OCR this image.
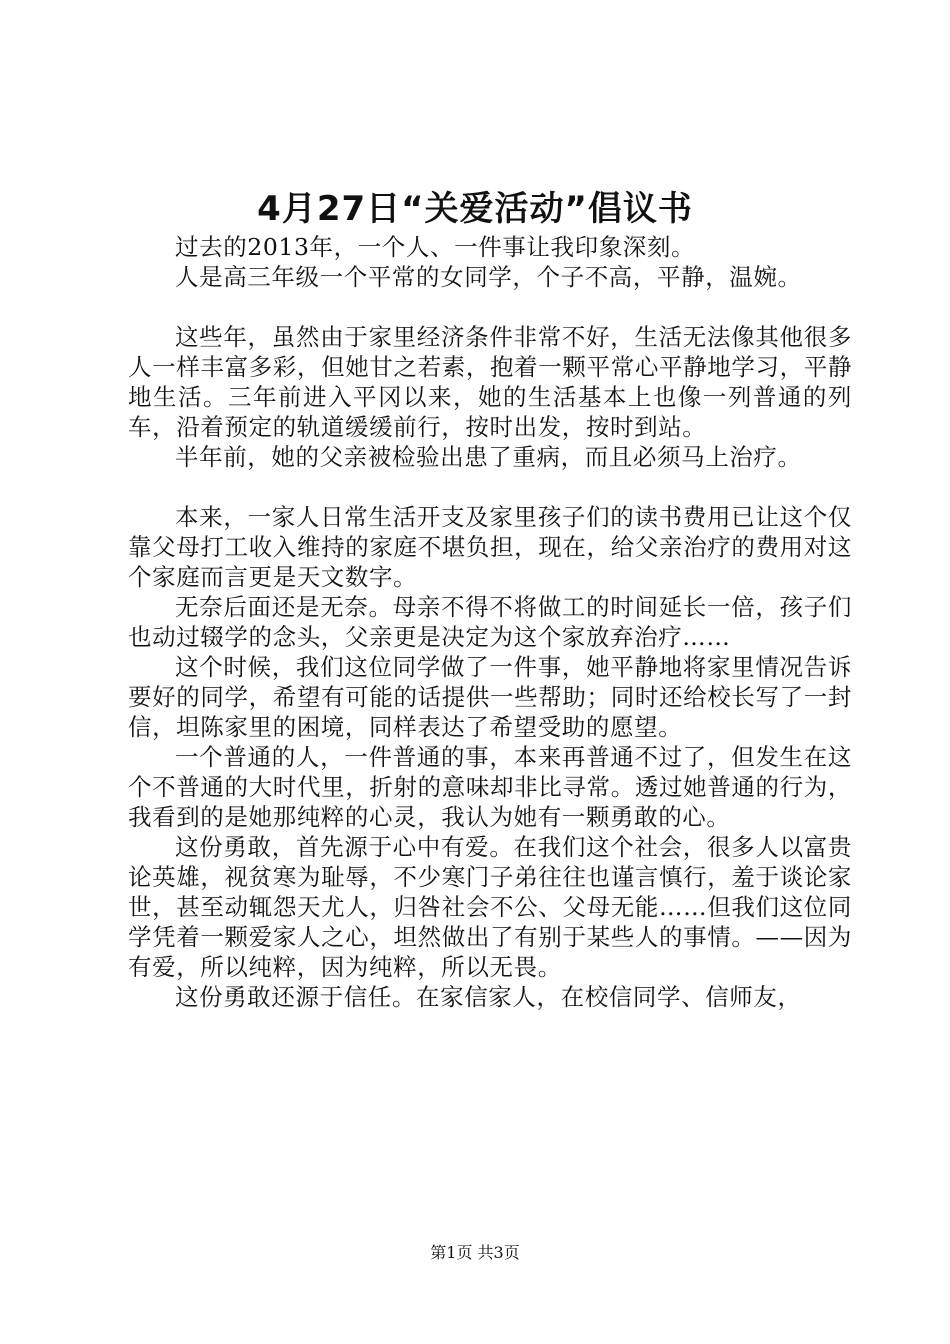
4月27日“关爱活动”倡议书

过去的2013年，一个人、一件事让我印象深刻。

人是高三年级一个平常的女同学，个子不高，平静，温婉。

这些年，虽然由于家里经济条件非常不好，生活无法像其他很多人一样丰富多彩，但她甘之若素，抱着一颗平常心平静地学习，平静地生活。三年前进入平冈以来，她的生活基本上也像一列普通的列车，沿着预定的轨道缓缓前行，按时出发，按时到站。

半年前，她的父亲被检验出患了重病，而且必须马上治疗。

本来，一家人日常生活开支及家里孩子们的读书费用已让这个仅靠父母打工收入维持的家庭不堪负担，现在，给父亲治疗的费用对这个家庭而言更是天文数字。

无奈后面还是无奈。母亲不得不将做工的时间延长一倍，孩子们也动过辍学的念头，父亲更是决定为这个家放弃治疗……

这个时候，我们这位同学做了一件事，她平静地将家里情况告诉要好的同学，希望有可能的话提供一些帮助；同时还给校长写了一封信，坦陈家里的困境，同样表达了希望受助的愿望。

一个普通的人，一件普通的事，本来再普通不过了，但发生在这个不普通的大时代里，折射的意味却非比寻常。透过她普通的行为，我看到的是她那纯粹的心灵，我认为她有一颗勇敢的心。

这份勇敢，首先源于心中有爱。在我们这个社会，很多人以富贵论英雄，视贫寒为耻辱，不少寒门子弟往往也谨言慎行，羞于谈论家世，甚至动辄怨天尤人，归咎社会不公、父母无能……但我们这位同学凭着一颗爱家人之心，坦然做出了有别于某些人的事情。——因为有爱，所以纯粹，因为纯粹，所以无畏。

这份勇敢还源于信任。在家信家人，在校信同学、信师友，

第1页 共3页
